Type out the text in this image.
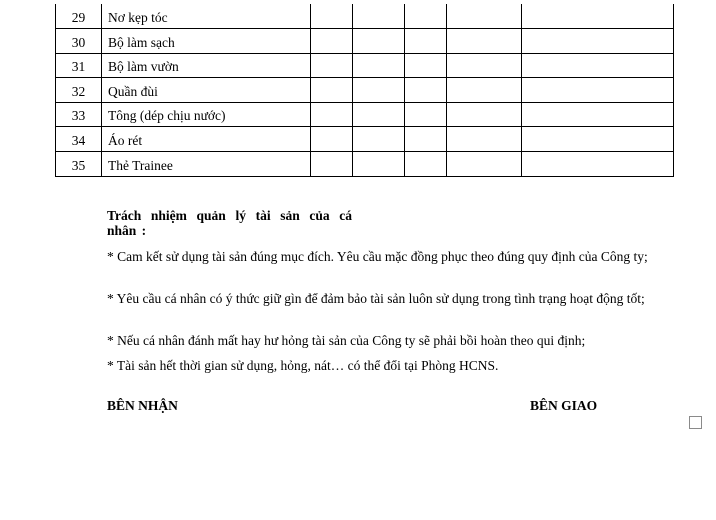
29	Nơ kẹp tóc					
30	Bộ làm sạch					
31	Bộ làm vườn					
32	Quần đùi					
33	Tông (dép chịu nước)					
34	Áo rét					
35	Thẻ Trainee					
Trách nhiệm quản lý tài sản của cá nhân :
* Cam kết sử dụng tài sản đúng mục đích. Yêu cầu mặc đồng phục theo đúng quy định của Công ty;
* Yêu cầu cá nhân có ý thức giữ gìn để đảm bảo tài sản luôn sử dụng trong tình trạng hoạt động tốt;
* Nếu cá nhân đánh mất hay hư hỏng tài sản của Công ty sẽ phải bồi hoàn theo qui định;
* Tài sản hết thời gian sử dụng, hỏng, nát… có thể đổi tại Phòng HCNS.
BÊN NHẬN	BÊN GIAO
